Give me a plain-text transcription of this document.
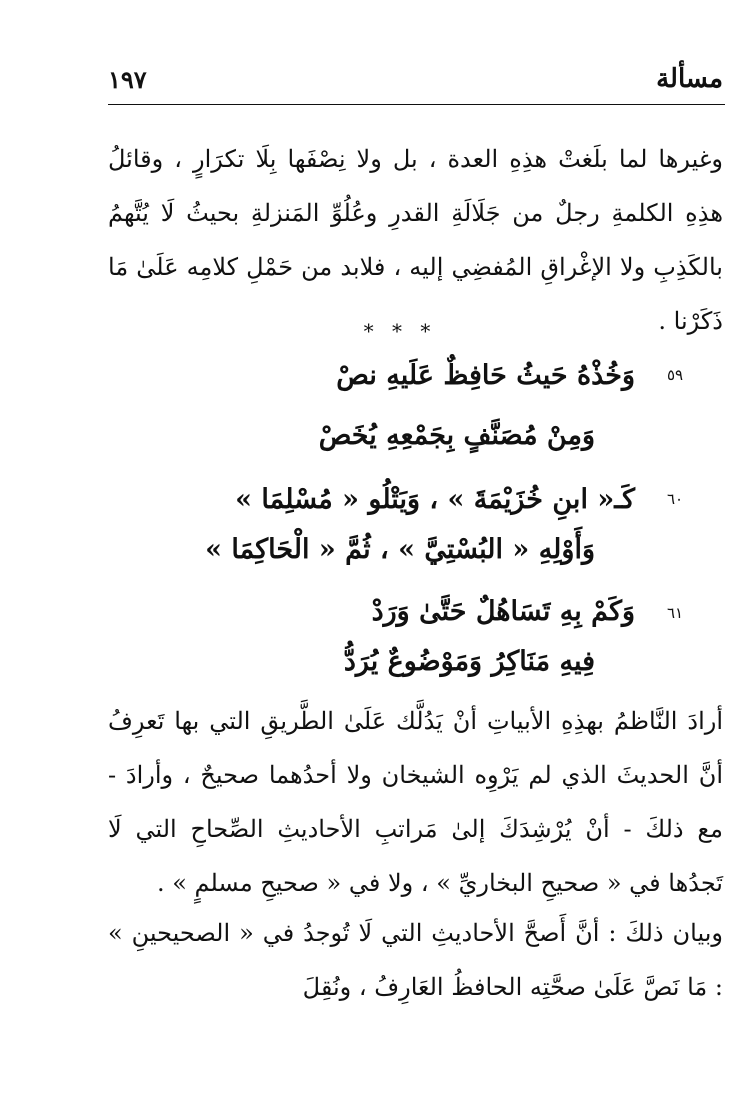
مسألة
١٩٧

وغيرها لما بلَغتْ هذِهِ العدة ، بل ولا نِصْفَها بِلَا تكرَارٍ ، وقائلُ هذِهِ الكلمةِ رجلٌ من جَلَالَةِ القدرِ وعُلُوِّ المَنزلةِ بحيثُ لَا يُتَّهمُ بالكَذِبِ ولا الإغْراقِ المُفضِي إليه ، فلابد من حَمْلِ كلامِه عَلَىٰ مَا ذَكَرْنا .

* * *
٥٩
وَخُذْهُ حَيثُ حَافِظٌ عَلَيهِ نصْ
وَمِنْ مُصَنَّفٍ بِجَمْعِهِ يُخَصْ
٦٠
كَـ« ابنِ خُزَيْمَةَ » ، وَيَتْلُو « مُسْلِمَا »
وَأَوْلِهِ « البُسْتِيَّ » ، ثُمَّ « الْحَاكِمَا »
٦١
وَكَمْ بِهِ تَسَاهُلٌ حَتَّىٰ وَرَدْ
فِيهِ مَنَاكِرُ وَمَوْضُوعٌ يُرَدُّ

أرادَ النَّاظمُ بهذِهِ الأبياتِ أنْ يَدُلَّك عَلَىٰ الطَّريقِ التي بها تَعرِفُ أنَّ الحديثَ الذي لم يَرْوِه الشيخان ولا أحدُهما صحيحٌ ، وأرادَ - مع ذلكَ - أنْ يُرْشِدَكَ إلىٰ مَراتبِ الأحاديثِ الصِّحاحِ التي لَا تَجدُها في « صحيحِ البخاريِّ » ، ولا في « صحيحِ مسلمٍ » .

وبيان ذلكَ : أنَّ أَصحَّ الأحاديثِ التي لَا تُوجدُ في « الصحيحينِ » : مَا نَصَّ عَلَىٰ صحَّتِه الحافظُ العَارِفُ ، ونُقِلَ
